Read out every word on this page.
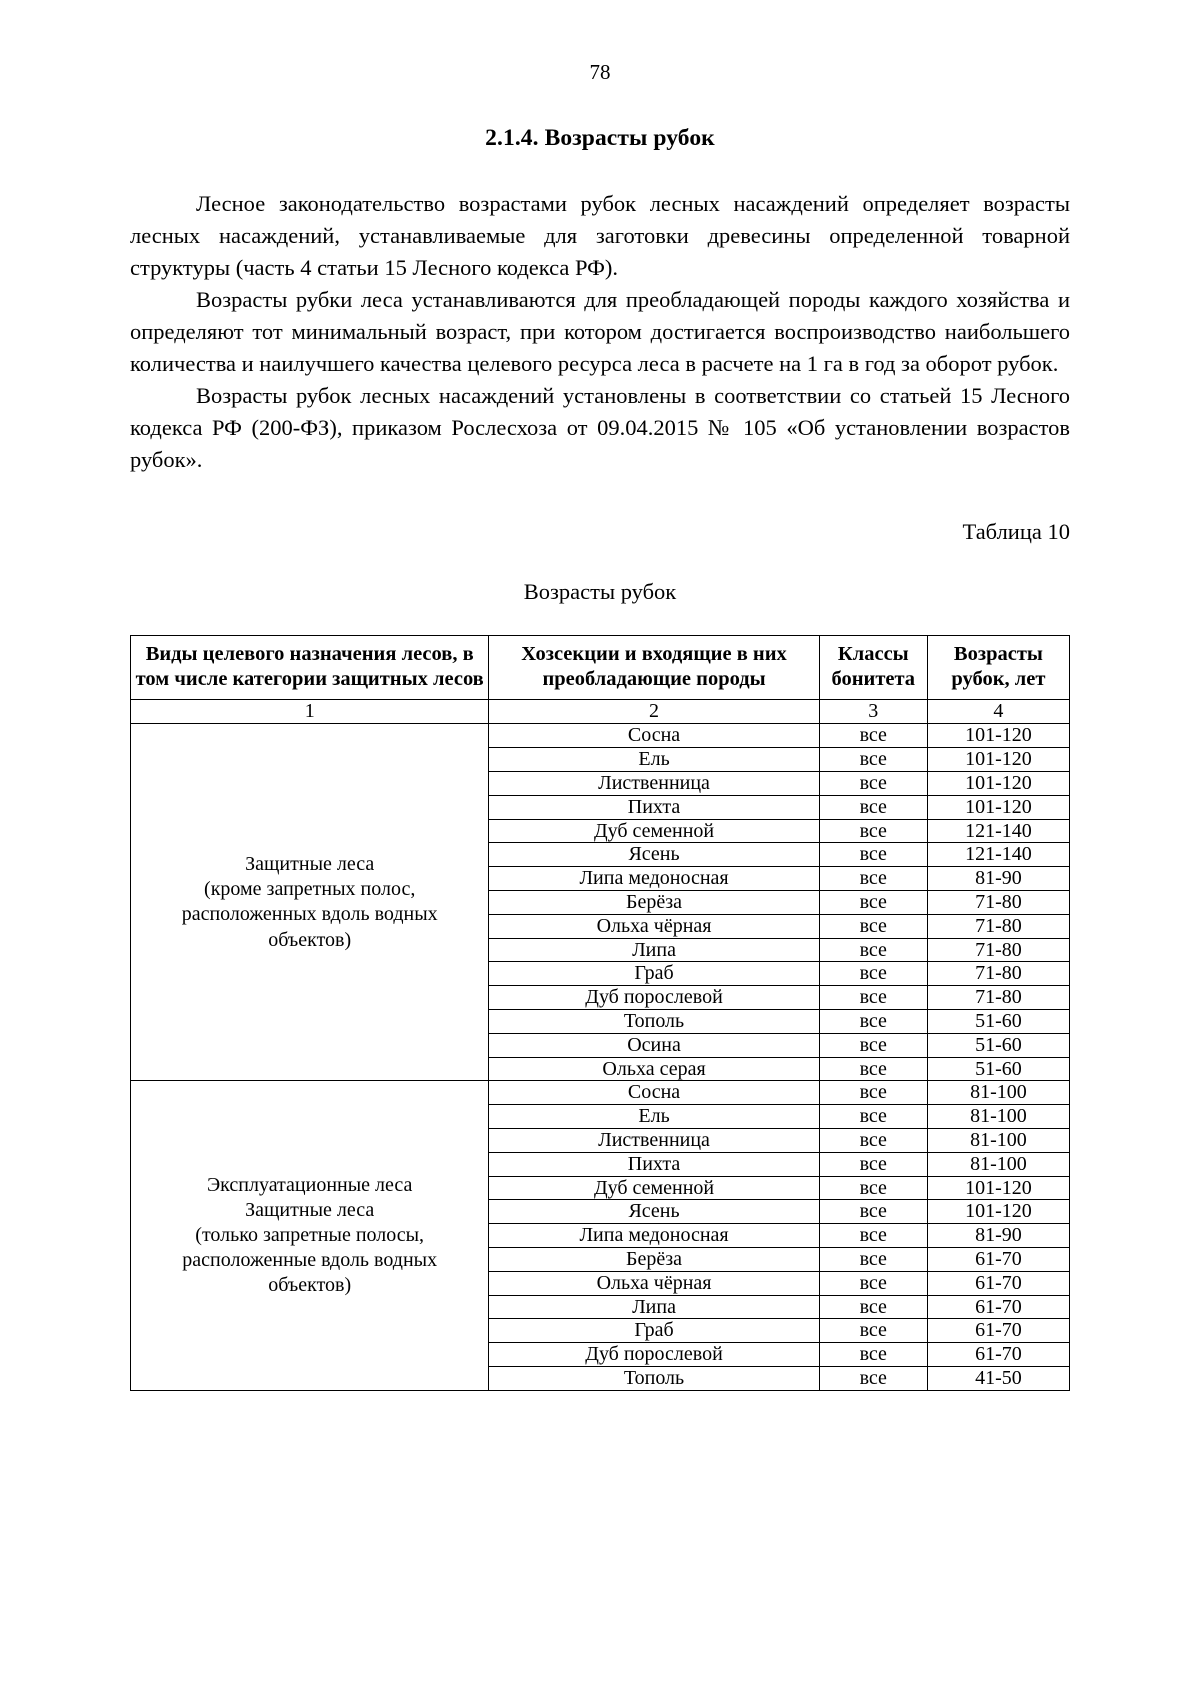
78
2.1.4. Возрасты рубок

Лесное законодательство возрастами рубок лесных насаждений определяет возрасты лесных насаждений, устанавливаемые для заготовки древесины определенной товарной структуры (часть 4 статьи 15 Лесного кодекса РФ).

Возрасты рубки леса устанавливаются для преобладающей породы каждого хозяйства и определяют тот минимальный возраст, при котором достигается воспроизводство наибольшего количества и наилучшего качества целевого ресурса леса в расчете на 1 га в год за оборот рубок.

Возрасты рубок лесных насаждений установлены в соответствии со статьей 15 Лесного кодекса РФ (200-ФЗ), приказом Рослесхоза от 09.04.2015 № 105 «Об установлении возрастов рубок».

Таблица 10
Возрасты рубок
Виды целевого назначения лесов, в том числе категории защитных лесов	Хозсекции и входящие в них преобладающие породы	Классы бонитета	Возрасты рубок, лет
1	2	3	4
Защитные леса
(кроме запретных полос,
расположенных вдоль водных
объектов)	Сосна	все	101-120
	Ель	все	101-120
	Лиственница	все	101-120
	Пихта	все	101-120
	Дуб семенной	все	121-140
	Ясень	все	121-140
	Липа медоносная	все	81-90
	Берёза	все	71-80
	Ольха чёрная	все	71-80
	Липа	все	71-80
	Граб	все	71-80
	Дуб порослевой	все	71-80
	Тополь	все	51-60
	Осина	все	51-60
	Ольха серая	все	51-60
Эксплуатационные леса
Защитные леса
(только запретные полосы,
расположенные вдоль водных
объектов)	Сосна	все	81-100
	Ель	все	81-100
	Лиственница	все	81-100
	Пихта	все	81-100
	Дуб семенной	все	101-120
	Ясень	все	101-120
	Липа медоносная	все	81-90
	Берёза	все	61-70
	Ольха чёрная	все	61-70
	Липа	все	61-70
	Граб	все	61-70
	Дуб порослевой	все	61-70
	Тополь	все	41-50
